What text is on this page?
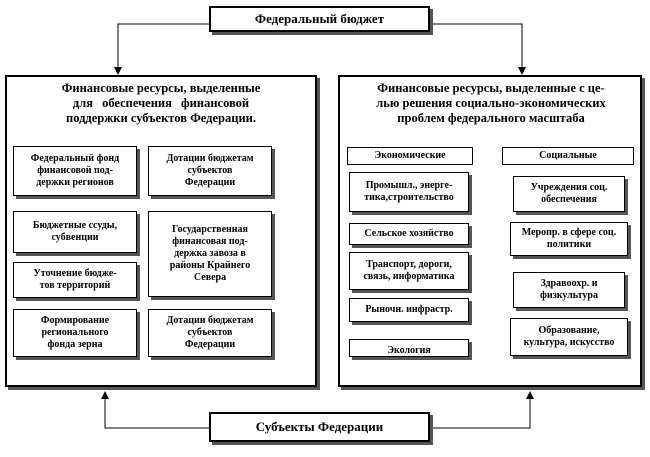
Федеральный бюджет
Финансовые ресурсы, выделенные
для обеспечения финансовой
поддержки субъектов Федерации.
Федеральный фонд
финансовой под-
держки регионов
Дотации бюджетам
субъектов
Федерации
Бюджетные ссуды,
субвенции
Государственная
финансовая под-
держка завоза в
районы Крайнего
Севера
Уточнение бюдже-
тов территорий
Формирование
регионального
фонда зерна
Дотации бюджетам
субъектов
Федерации
Финансовые ресурсы, выделенные с це-
лью решения социально-экономических
проблем федерального масштаба
Экономические	Социальные
Промышл., энерге-
тика,строительство
Сельское хозяйство
Транспорт, дороги,
связь, информатика
Рыночн. инфрастр.
Экология
Учреждения соц.
обеспечения
Меропр. в сфере соц.
политики
Здравоохр. и
физкультура
Образование,
культура, искусство
Субъекты Федерации
